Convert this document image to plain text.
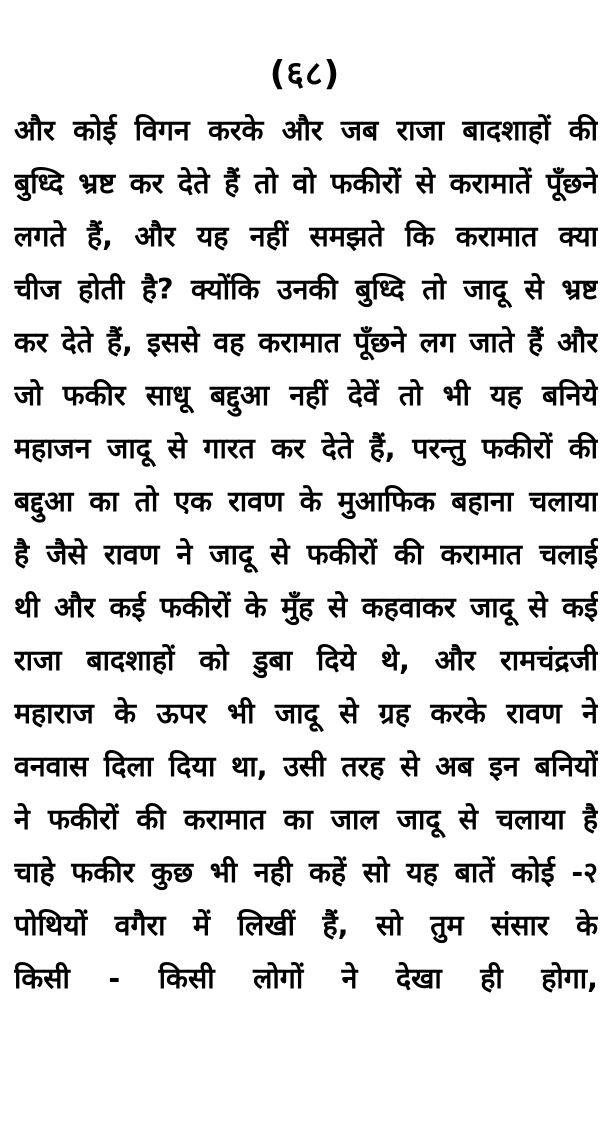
(६८)
और कोई विगन करके और जब राजा बादशाहों की
बुध्दि भ्रष्ट कर देते हैं तो वो फकीरों से करामातें पूँछने
लगते हैं, और यह नहीं समझते कि करामात क्या
चीज होती है? क्योंकि उनकी बुध्दि तो जादू से भ्रष्ट
कर देते हैं, इससे वह करामात पूँछने लग जाते हैं और
जो फकीर साधू बद्दुआ नहीं देवें तो भी यह बनिये
महाजन जादू से गारत कर देते हैं, परन्तु फकीरों की
बद्दुआ का तो एक रावण के मुआफिक बहाना चलाया
है जैसे रावण ने जादू से फकीरों की करामात चलाई
थी और कई फकीरों के मुँह से कहवाकर जादू से कई
राजा बादशाहों को डुबा दिये थे, और रामचंद्रजी
महाराज के ऊपर भी जादू से ग्रह करके रावण ने
वनवास दिला दिया था, उसी तरह से अब इन बनियों
ने फकीरों की करामात का जाल जादू से चलाया है
चाहे फकीर कुछ भी नही कहें सो यह बातें कोई -२
पोथियों वगैरा में लिखीं हैं, सो तुम संसार के
किसी - किसी लोगों ने देखा ही होगा,
